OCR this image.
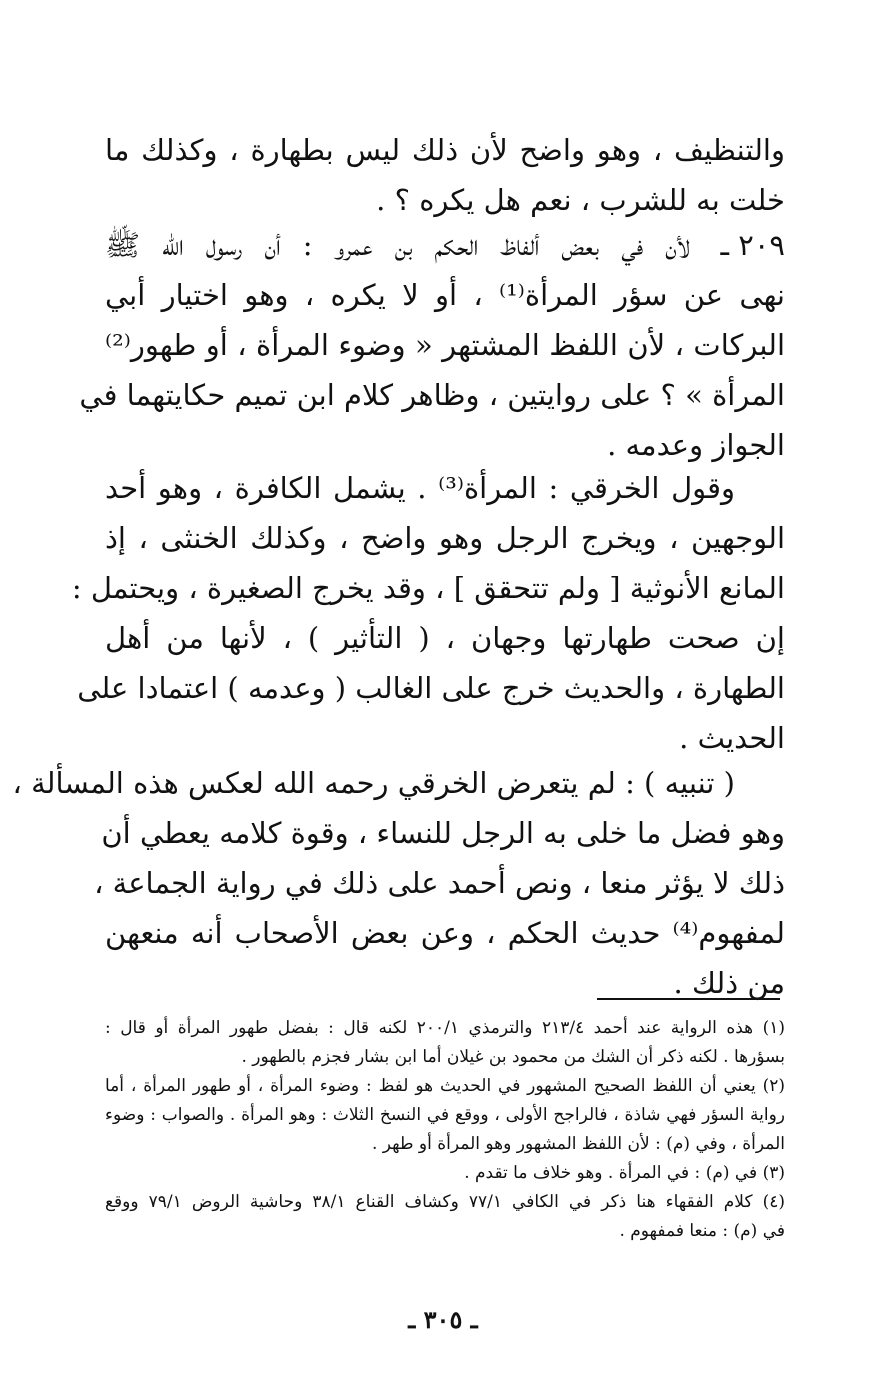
والتنظيف ، وهو واضح لأن ذلك ليس بطهارة ، وكذلك ما
خلت به للشرب ، نعم هل يكره ؟ .
٢٠٩ ـ
لأن في بعض ألفاظ الحكم بن عمرو : أن رسول الله ﷺ
نهى عن سؤر المرأة⁽¹⁾ ، أو لا يكره ، وهو اختيار أبي
البركات ، لأن اللفظ المشتهر « وضوء المرأة ، أو طهور⁽²⁾
المرأة » ؟ على روايتين ، وظاهر كلام ابن تميم حكايتهما في
الجواز وعدمه .
وقول الخرقي : المرأة⁽³⁾ . يشمل الكافرة ، وهو أحد
الوجهين ، ويخرج الرجل وهو واضح ، وكذلك الخنثى ، إذ
المانع الأنوثية [ ولم تتحقق ] ، وقد يخرج الصغيرة ، ويحتمل :
إن صحت طهارتها وجهان ، ( التأثير ) ، لأنها من أهل
الطهارة ، والحديث خرج على الغالب ( وعدمه ) اعتمادا على
الحديث .
( تنبيه ) : لم يتعرض الخرقي رحمه الله لعكس هذه المسألة ،
وهو فضل ما خلى به الرجل للنساء ، وقوة كلامه يعطي أن
ذلك لا يؤثر منعا ، ونص أحمد على ذلك في رواية الجماعة ،
لمفهوم⁽⁴⁾ حديث الحكم ، وعن بعض الأصحاب أنه منعهن
من ذلك .
(١) هذه الرواية عند أحمد ٢١٣/٤ والترمذي ٢٠٠/١ لكنه قال : بفضل طهور المرأة أو قال :
بسؤرها . لكنه ذكر أن الشك من محمود بن غيلان أما ابن بشار فجزم بالطهور .
(٢) يعني أن اللفظ الصحيح المشهور في الحديث هو لفظ : وضوء المرأة ، أو طهور المرأة ، أما
رواية السؤر فهي شاذة ، فالراجح الأولى ، ووقع في النسخ الثلاث : وهو المرأة . والصواب : وضوء
المرأة ، وفي (م) : لأن اللفظ المشهور وهو المرأة أو طهر .
(٣) في (م) : في المرأة . وهو خلاف ما تقدم .
(٤) كلام الفقهاء هنا ذكر في الكافي ٧٧/١ وكشاف القناع ٣٨/١ وحاشية الروض ٧٩/١ ووقع
في (م) : منعا فمفهوم .
ـ ٣٠٥ ـ
